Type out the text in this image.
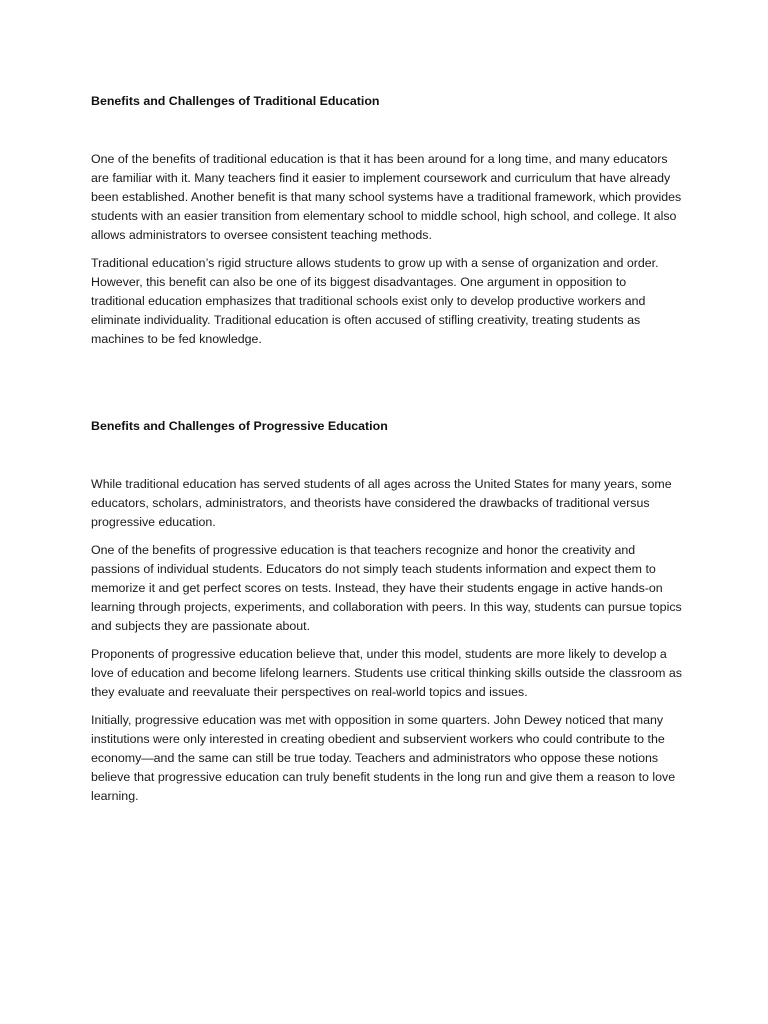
Benefits and Challenges of Traditional Education

One of the benefits of traditional education is that it has been around for a long time, and many educators are familiar with it. Many teachers find it easier to implement coursework and curriculum that have already been established. Another benefit is that many school systems have a traditional framework, which provides students with an easier transition from elementary school to middle school, high school, and college. It also allows administrators to oversee consistent teaching methods.

Traditional education’s rigid structure allows students to grow up with a sense of organization and order. However, this benefit can also be one of its biggest disadvantages. One argument in opposition to traditional education emphasizes that traditional schools exist only to develop productive workers and eliminate individuality. Traditional education is often accused of stifling creativity, treating students as machines to be fed knowledge.

Benefits and Challenges of Progressive Education

While traditional education has served students of all ages across the United States for many years, some educators, scholars, administrators, and theorists have considered the drawbacks of traditional versus progressive education.

One of the benefits of progressive education is that teachers recognize and honor the creativity and passions of individual students. Educators do not simply teach students information and expect them to memorize it and get perfect scores on tests. Instead, they have their students engage in active hands-on learning through projects, experiments, and collaboration with peers. In this way, students can pursue topics and subjects they are passionate about.

Proponents of progressive education believe that, under this model, students are more likely to develop a love of education and become lifelong learners. Students use critical thinking skills outside the classroom as they evaluate and reevaluate their perspectives on real-world topics and issues.

Initially, progressive education was met with opposition in some quarters. John Dewey noticed that many institutions were only interested in creating obedient and subservient workers who could contribute to the economy—and the same can still be true today. Teachers and administrators who oppose these notions believe that progressive education can truly benefit students in the long run and give them a reason to love learning.
